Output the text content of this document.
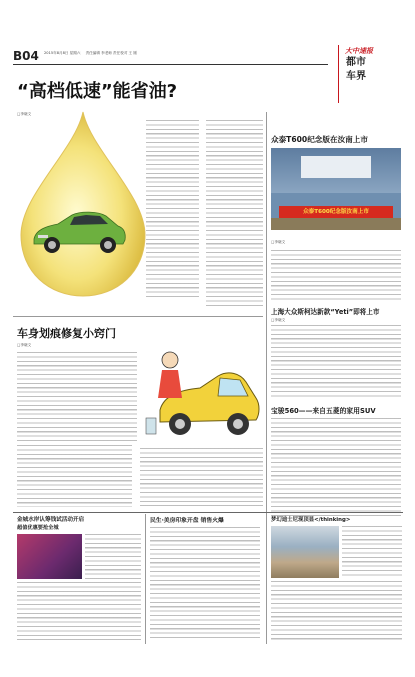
B04 2015年8月8日 星期六 责任编辑 李老师 责任校对 王 刚	大中速报
都市
车界
“高档低速”能省油?
□李晓文
众泰T600纪念版在汝南上市
众泰T600纪念版汝南上市
□李晓文
上海大众斯柯达新款“Yeti”即将上市
□李晓文
宝骏560——来自五菱的家用SUV
车身划痕修复小窍门
□李晓文
金城水岸认筹钱试活动开启
超值优惠要抢全城
民生·美房印象开盘 销售火爆	梦幻迪士尼现顶显</thinking>
